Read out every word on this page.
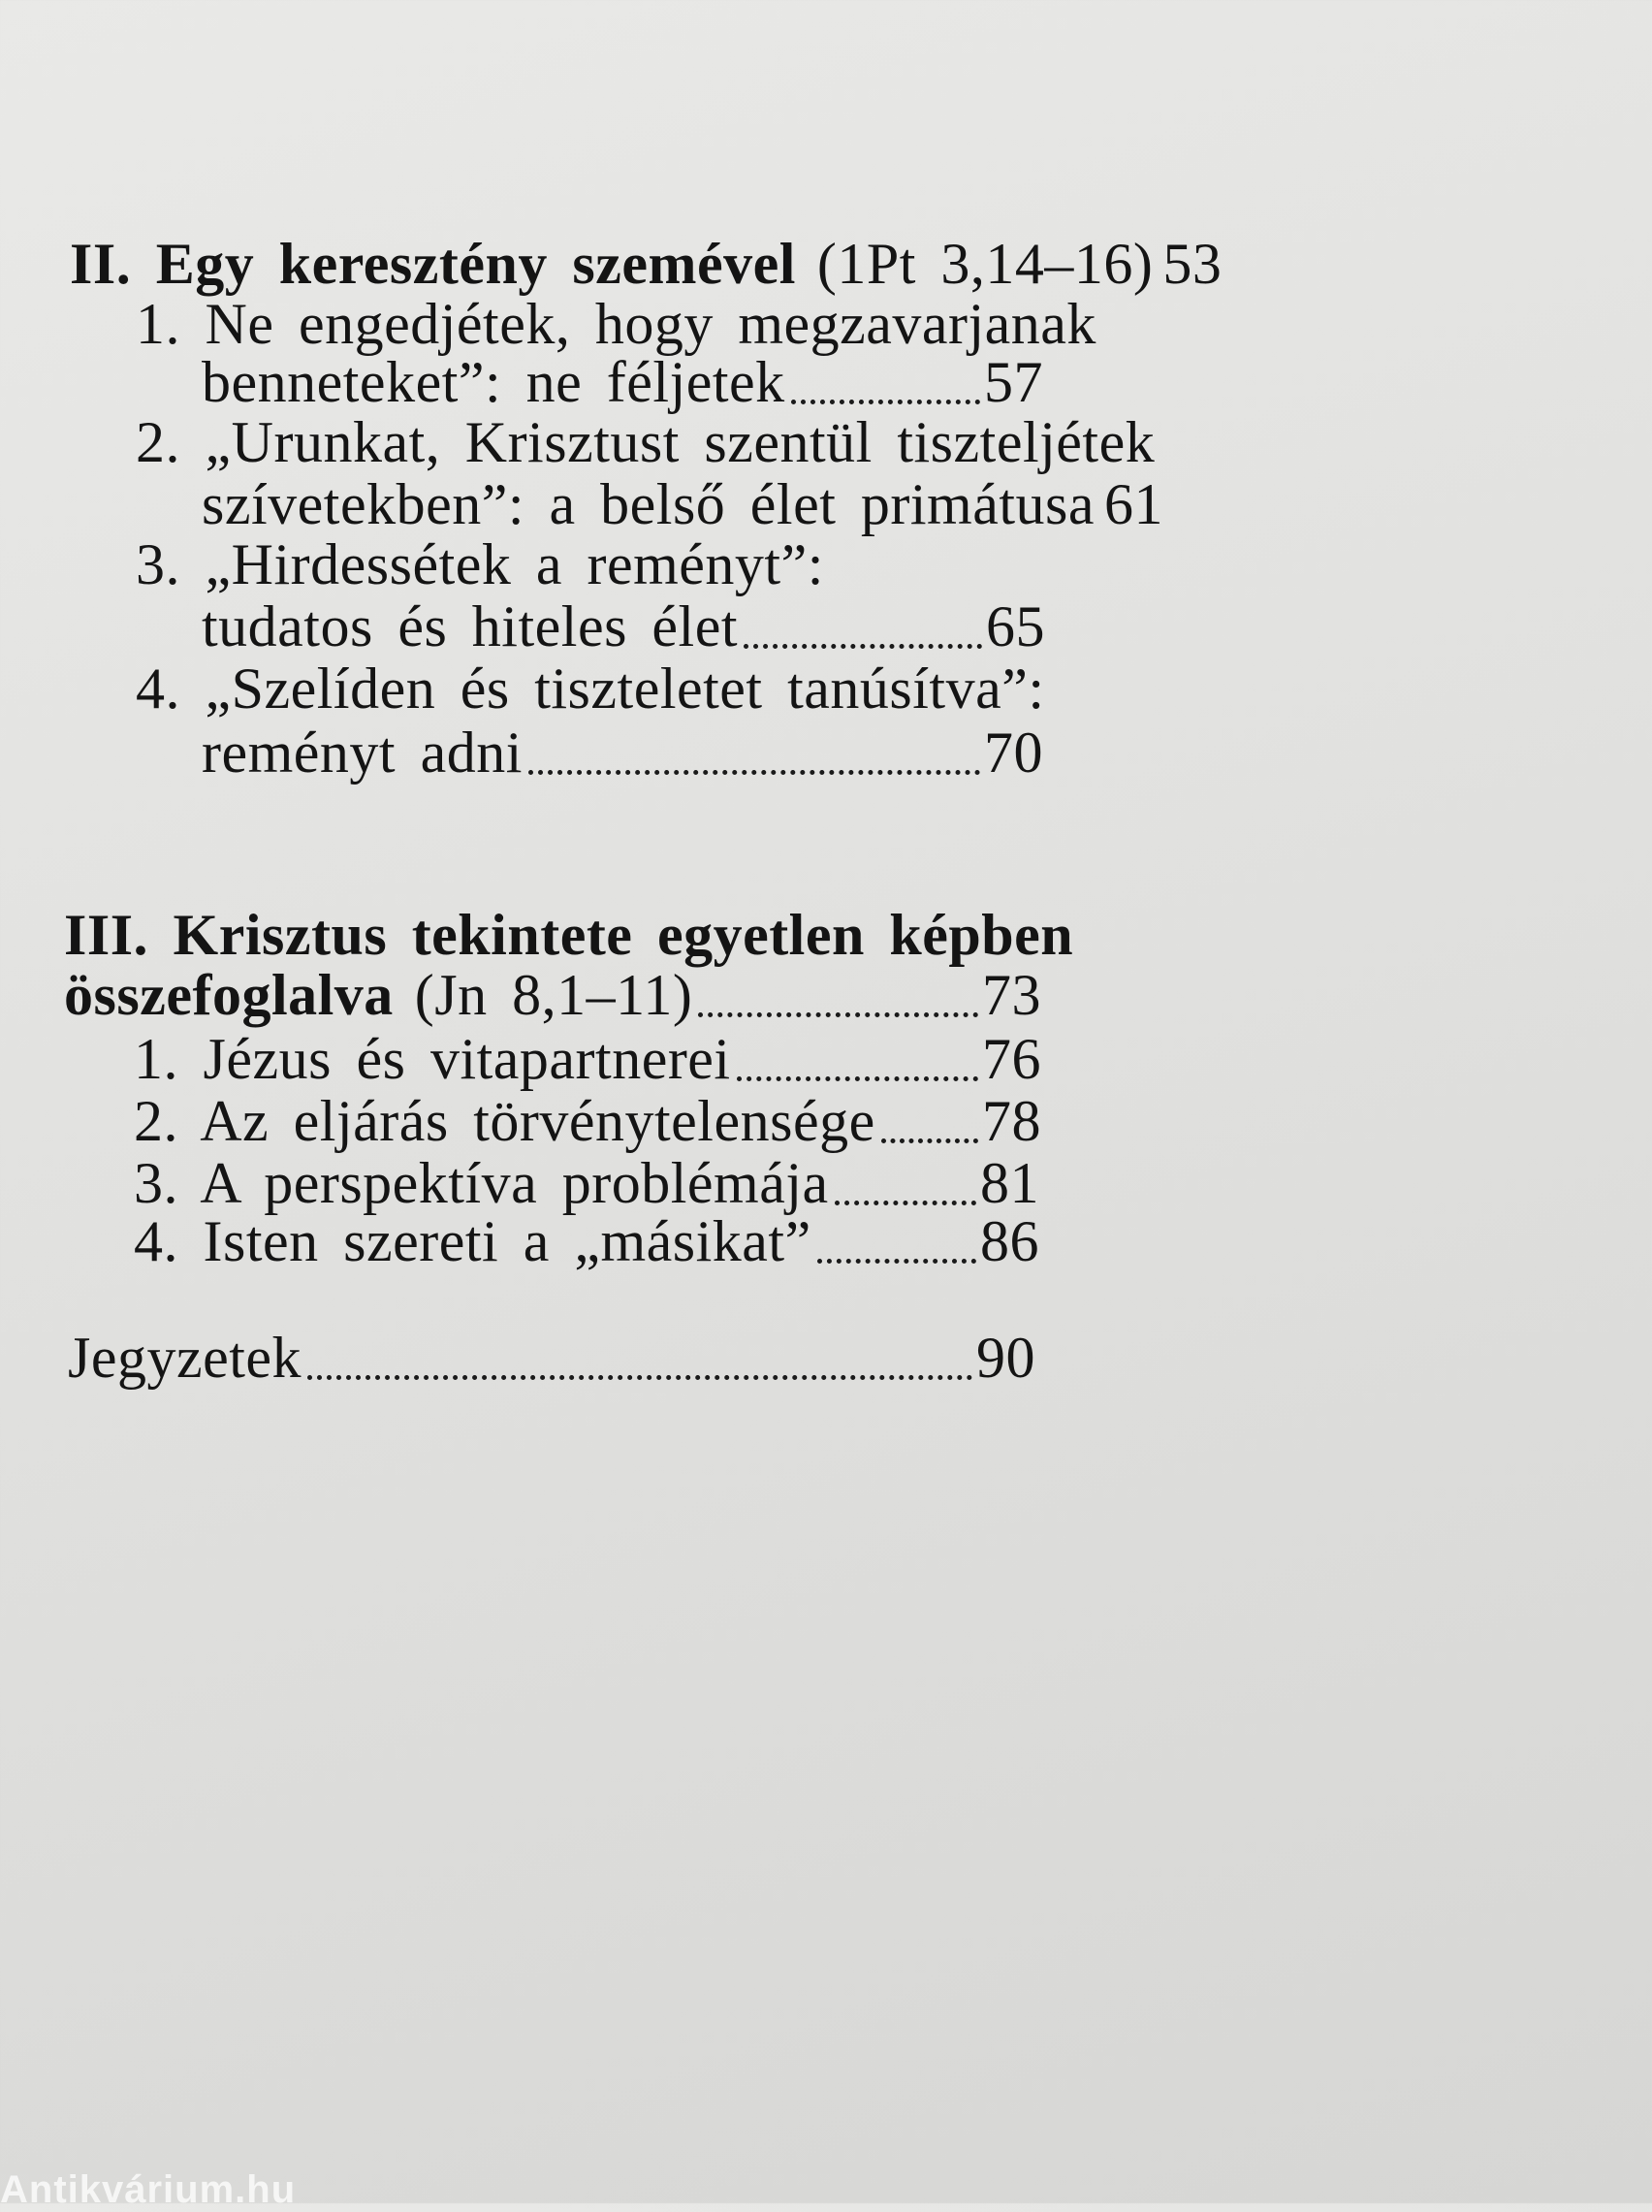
II. Egy keresztény szemével (1Pt 3,14–16) 53
1. Ne engedjétek, hogy megzavarjanak
benneteket”: ne féljetek	57
2. „Urunkat, Krisztust szentül tiszteljétek
szívetekben”: a belső élet primátusa 61
3. „Hirdessétek a reményt”:
tudatos és hiteles élet	65
4. „Szelíden és tiszteletet tanúsítva”:
reményt adni	70
III. Krisztus tekintete egyetlen képben
összefoglalva (Jn 8,1–11)	73
1. Jézus és vitapartnerei	76
2. Az eljárás törvénytelensége 78
3. A perspektíva problémája	81
4. Isten szereti a „másikat”	86
Jegyzetek	90
Antikvárium.hu
